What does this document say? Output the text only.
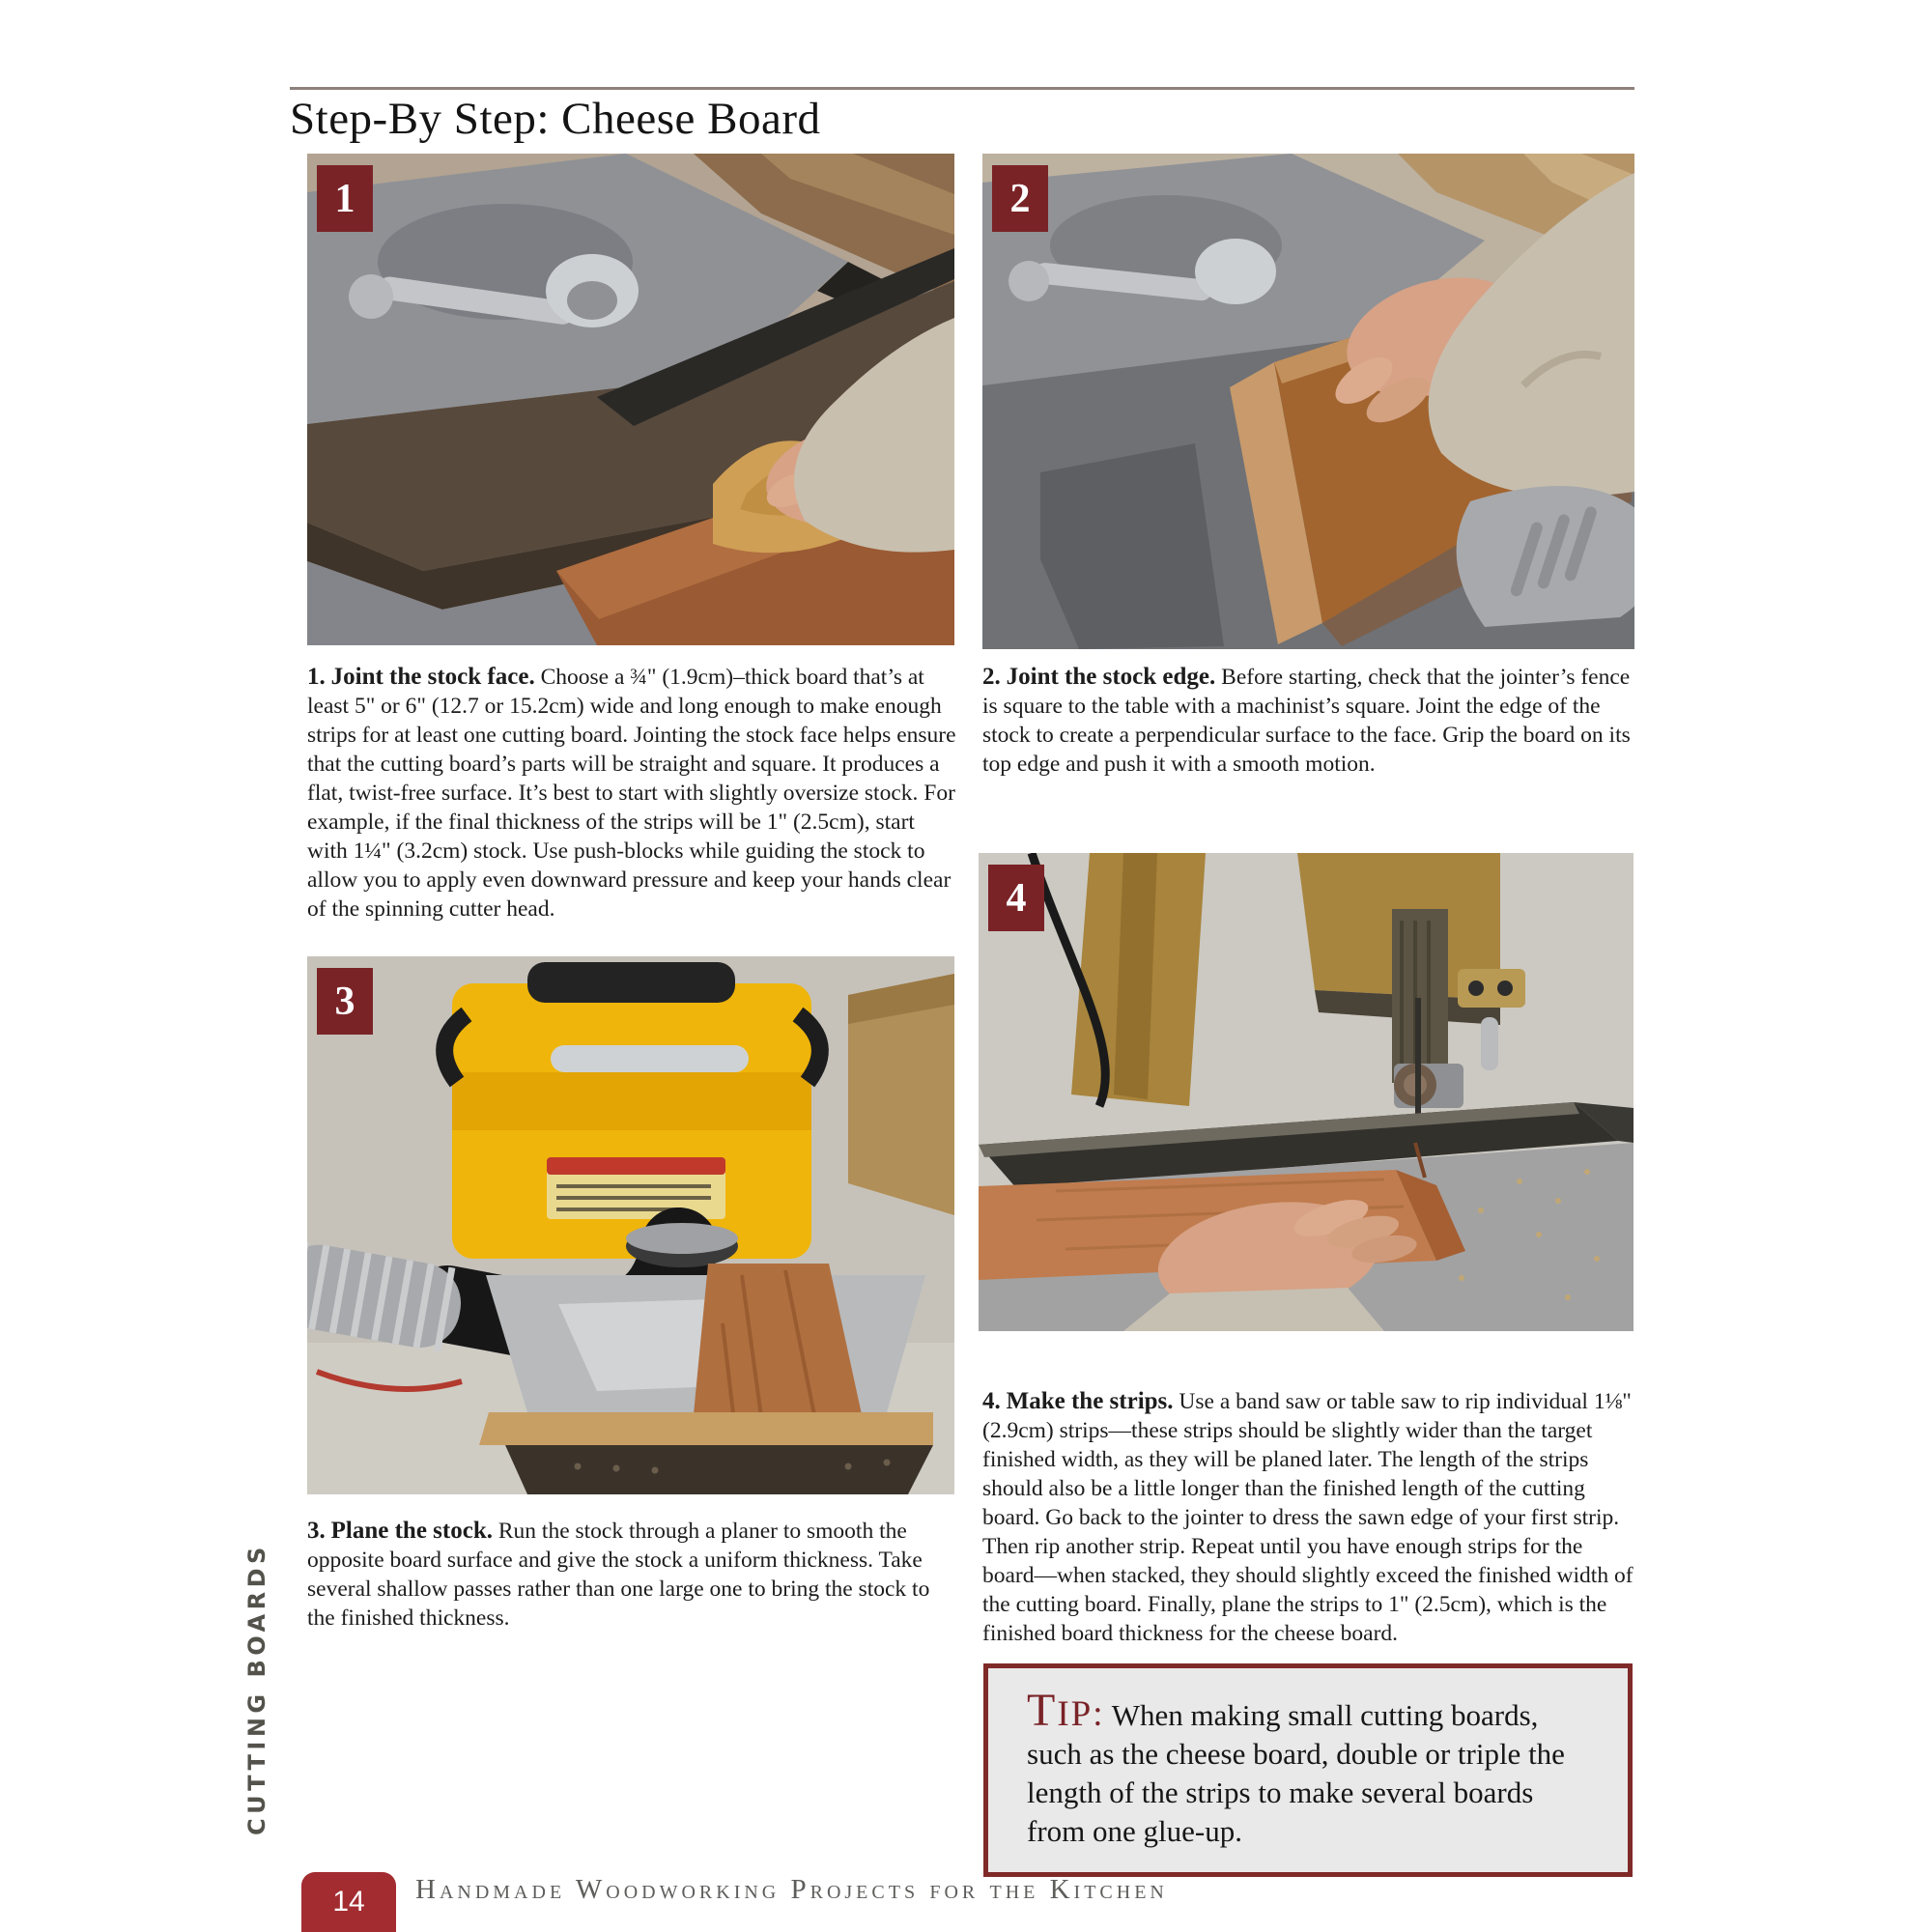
Step-By Step: Cheese Board
1	2

1. Joint the stock face. Choose a ¾" (1.9cm)–thick board that’s at least 5" or 6" (12.7 or 15.2cm) wide and long enough to make enough strips for at least one cutting board. Jointing the stock face helps ensure that the cutting board’s parts will be straight and square. It produces a flat, twist-free surface. It’s best to start with slightly oversize stock. For example, if the final thickness of the strips will be 1" (2.5cm), start with 1¼" (3.2cm) stock. Use push-blocks while guiding the stock to allow you to apply even downward pressure and keep your hands clear of the spinning cutter head.

2. Joint the stock edge. Before starting, check that the jointer’s fence is square to the table with a machinist’s square. Joint the edge of the stock to create a perpendicular surface to the face. Grip the board on its top edge and push it with a smooth motion.

3
4

4. Make the strips. Use a band saw or table saw to rip individual 1⅛" (2.9cm) strips—these strips should be slightly wider than the target finished width, as they will be planed later. The length of the strips should also be a little longer than the finished length of the cutting board. Go back to the jointer to dress the sawn edge of your first strip. Then rip another strip. Repeat until you have enough strips for the board—when stacked, they should slightly exceed the finished width of the cutting board. Finally, plane the strips to 1" (2.5cm), which is the finished board thickness for the cheese board.

3. Plane the stock. Run the stock through a planer to smooth the opposite board surface and give the stock a uniform thickness. Take several shallow passes rather than one large one to bring the stock to the finished thickness.

TIP: When making small cutting boards, such as the cheese board, double or triple the length of the strips to make several boards from one glue-up.

CUTTING BOARDS
14 Handmade Woodworking Projects for the Kitchen
